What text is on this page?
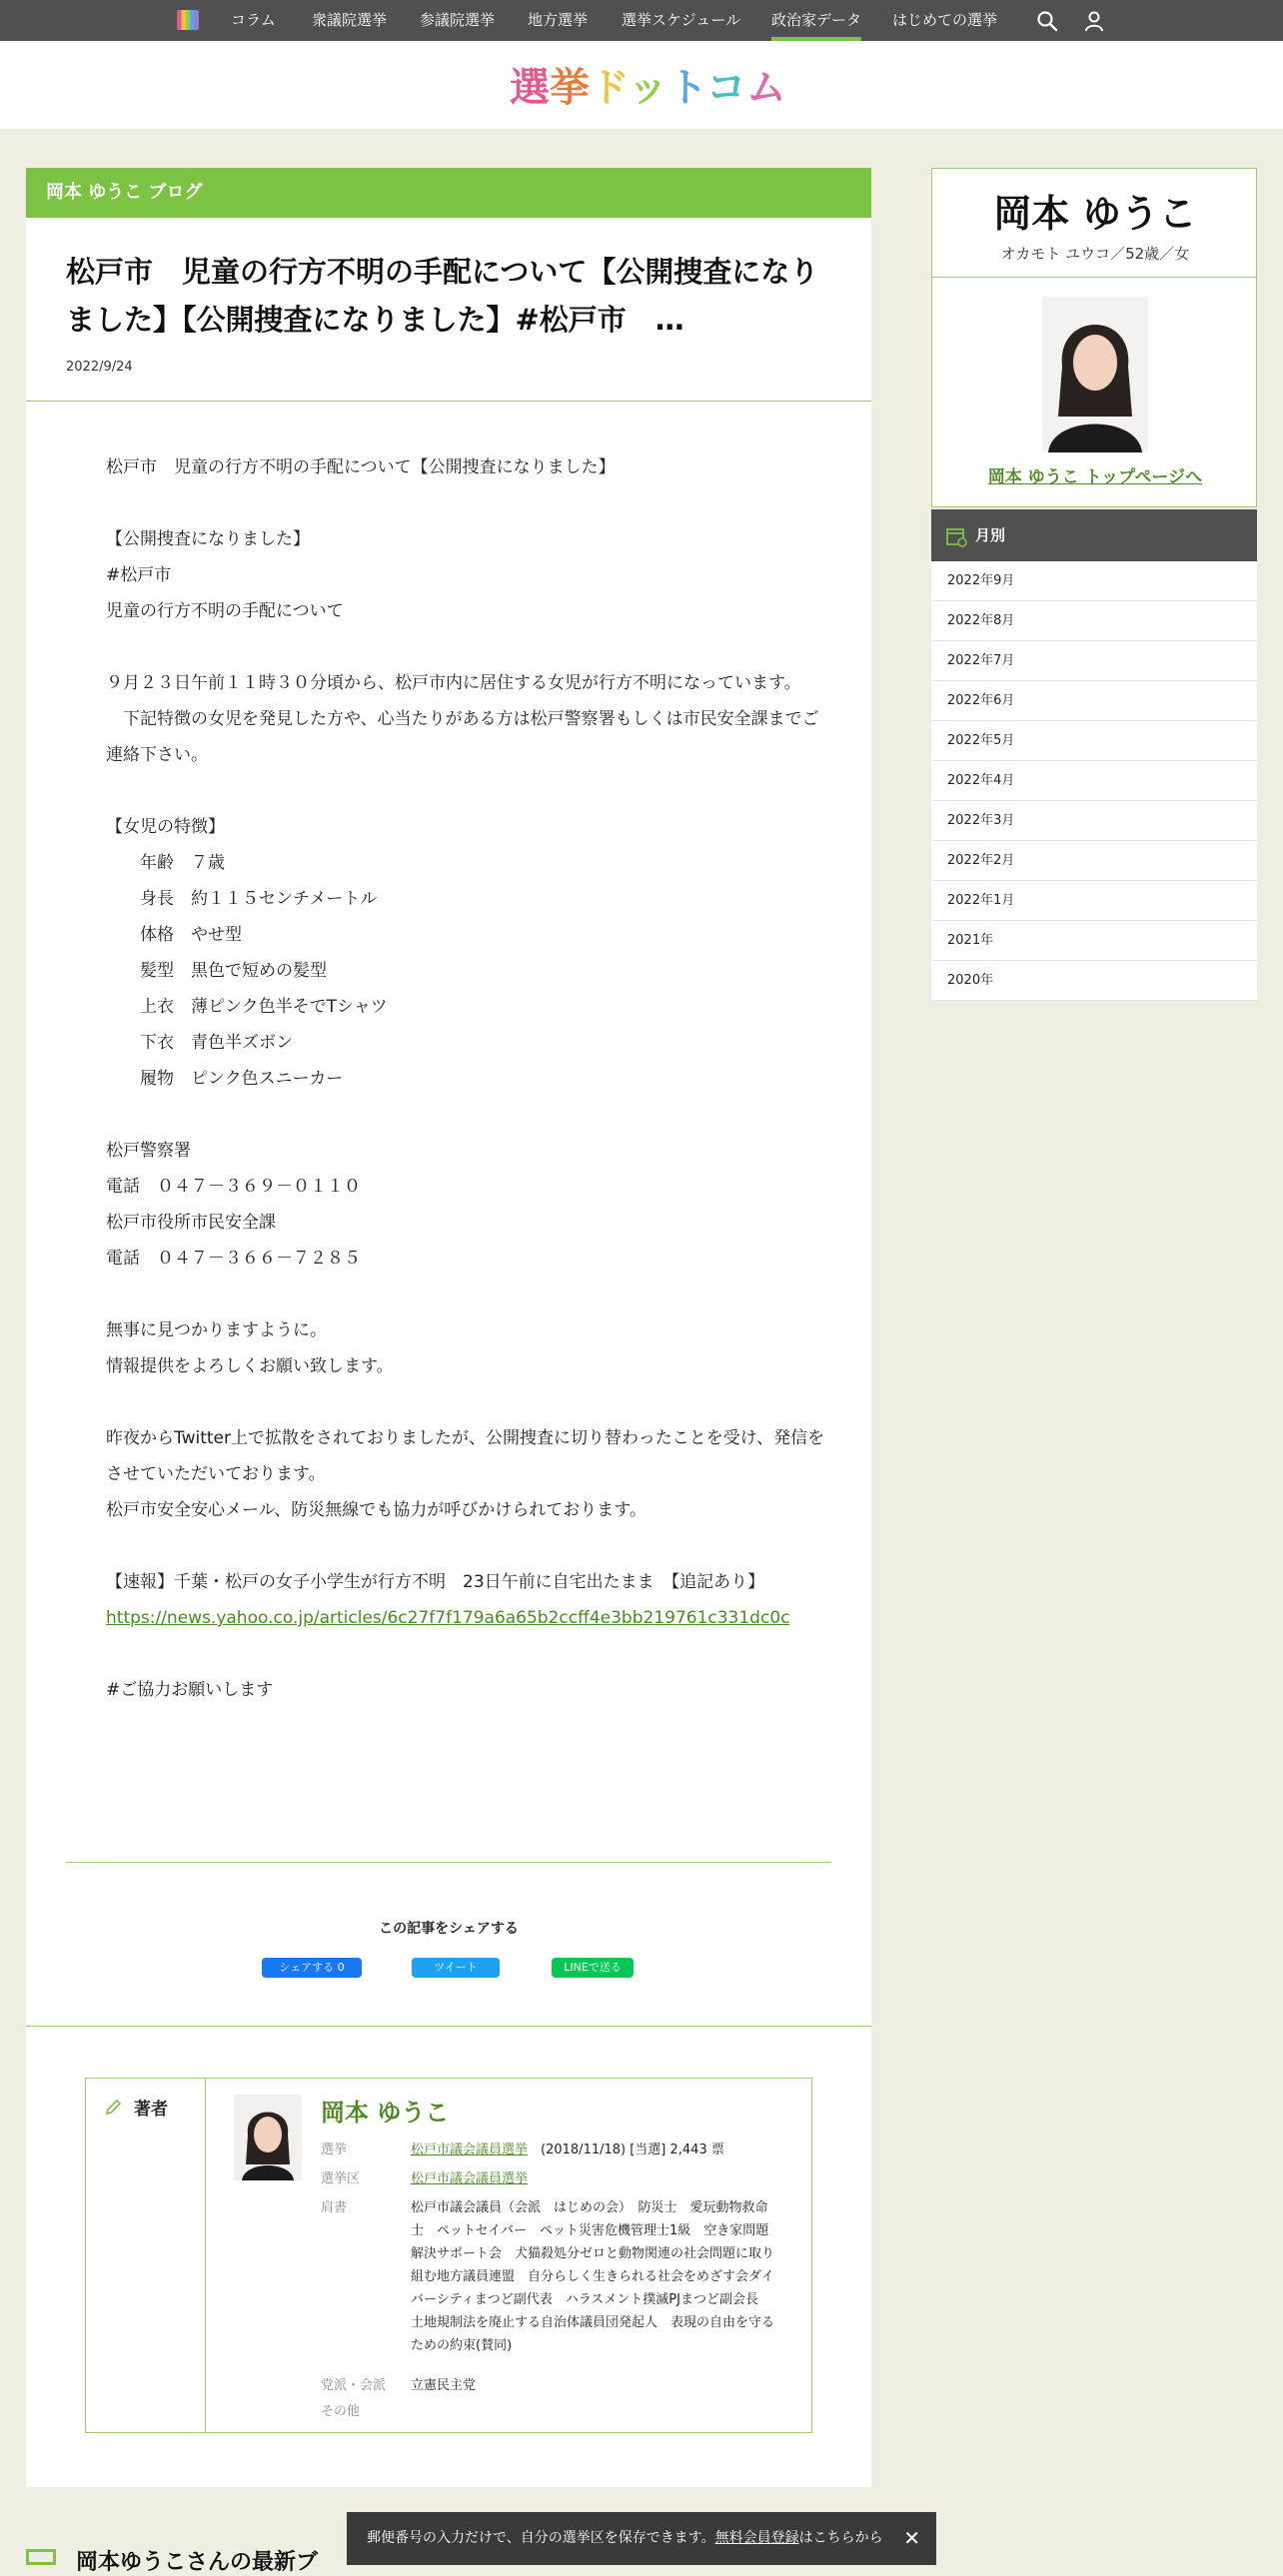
コラム 衆議院選挙 参議院選挙 地方選挙 選挙スケジュール 政治家データ はじめての選挙
選挙ドットコム
岡本 ゆうこ ブログ
松戸市　児童の行方不明の手配について【公開捜査になりました】【公開捜査になりました】#松戸市　…
2022/9/24
松戸市　児童の行方不明の手配について【公開捜査になりました】

【公開捜査になりました】
#松戸市
児童の行方不明の手配について

９月２３日午前１１時３０分頃から、松戸市内に居住する女児が行方不明になっています。
　下記特徴の女児を発見した方や、心当たりがある方は松戸警察署もしくは市民安全課までご連絡下さい。

【女児の特徴】
　　年齢　７歳
　　身長　約１１５センチメートル
　　体格　やせ型
　　髪型　黒色で短めの髪型
　　上衣　薄ピンク色半そでTシャツ
　　下衣　青色半ズボン
　　履物　ピンク色スニーカー

松戸警察署
電話　０４７－３６９－０１１０
松戸市役所市民安全課
電話　０４７－３６６－７２８５

無事に見つかりますように。
情報提供をよろしくお願い致します。

昨夜からTwitter上で拡散をされておりましたが、公開捜査に切り替わったことを受け、発信をさせていただいております。
松戸市安全安心メール、防災無線でも協力が呼びかけられております。

【速報】千葉・松戸の女子小学生が行方不明　23日午前に自宅出たまま　【追記あり】
https://news.yahoo.co.jp/articles/6c27f7f179a6a65b2ccff4e3bb219761c331dc0c

#ご協力お願いします
この記事をシェアする
シェアする 0	ツイート	LINEで送る
著者	岡本 ゆうこ
選挙	松戸市議会議員選挙　 (2018/11/18) [当選] 2,443 票
選挙区	松戸市議会議員選挙
肩書	松戸市議会議員（会派　はじめの会）　防災士　愛玩動物救命士　ペットセイバー　ペット災害危機管理士1級　空き家問題解決サポート会　犬猫殺処分ゼロと動物関連の社会問題に取り組む地方議員連盟　自分らしく生きられる社会をめざす会ダイバーシティまつど副代表　ハラスメント撲滅PJまつど副会長　土地規制法を廃止する自治体議員団発起人　表現の自由を守るための約束(賛同)
党派・会派	立憲民主党
その他
岡本 ゆうこ
オカモト ユウコ／52歳／女
岡本 ゆうこ トップページへ
月別
2022年9月
2022年8月
2022年7月
2022年6月
2022年5月
2022年4月
2022年3月
2022年2月
2022年1月
2021年
2020年
岡本ゆうこさんの最新ブ
郵便番号の入力だけで、自分の選挙区を保存できます。無料会員登録はこちらから ✕
